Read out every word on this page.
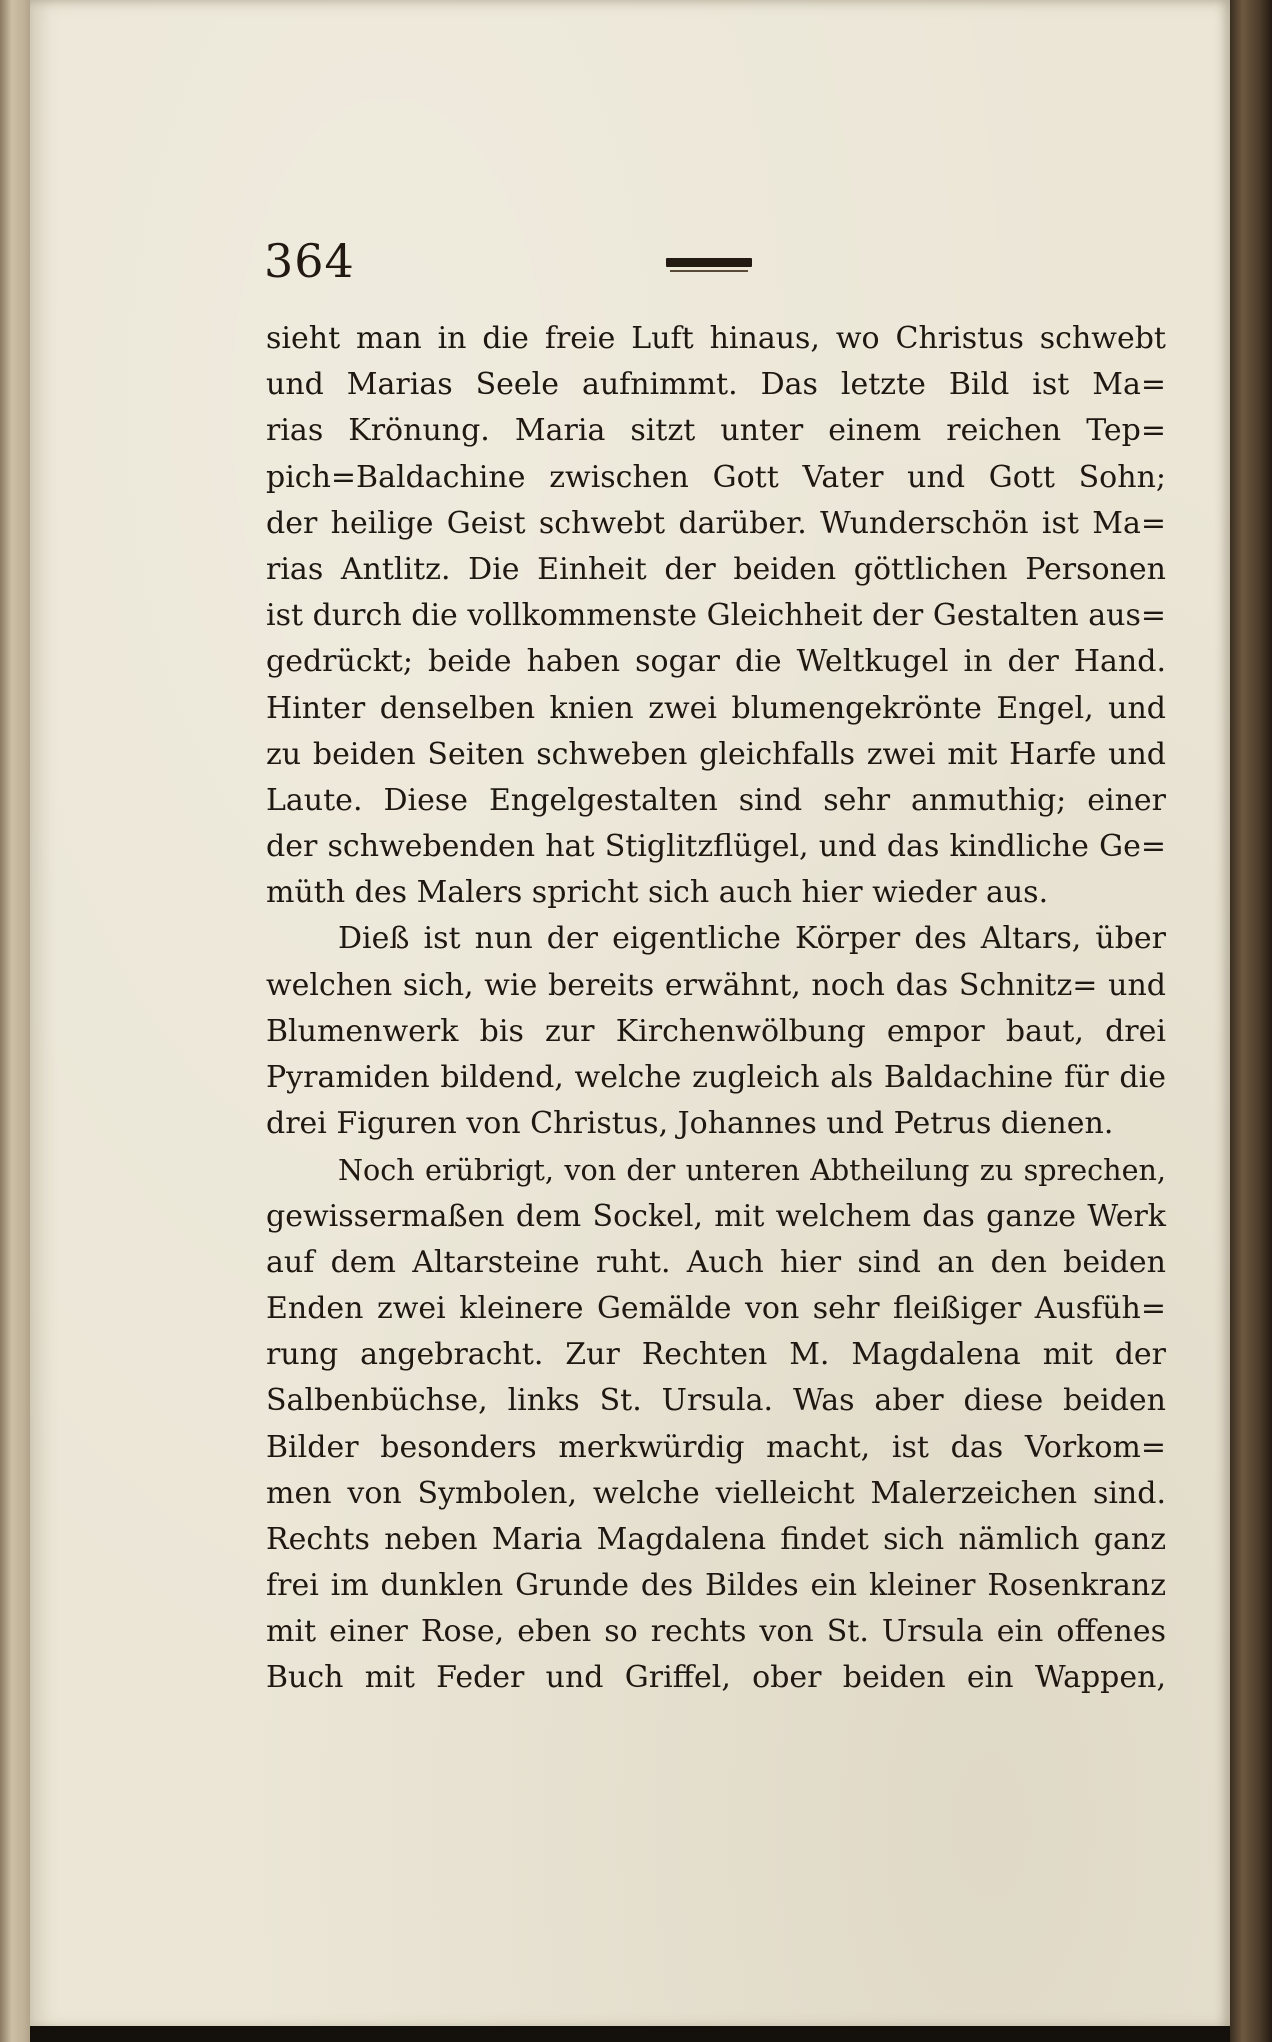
364
sieht man in die freie Luft hinaus, wo Christus schwebt
und Marias Seele aufnimmt. Das letzte Bild ist Ma=
rias Krönung. Maria sitzt unter einem reichen Tep=
pich=Baldachine zwischen Gott Vater und Gott Sohn;
der heilige Geist schwebt darüber. Wunderschön ist Ma=
rias Antlitz. Die Einheit der beiden göttlichen Personen
ist durch die vollkommenste Gleichheit der Gestalten aus=
gedrückt; beide haben sogar die Weltkugel in der Hand.
Hinter denselben knien zwei blumengekrönte Engel, und
zu beiden Seiten schweben gleichfalls zwei mit Harfe und
Laute. Diese Engelgestalten sind sehr anmuthig; einer
der schwebenden hat Stiglitzflügel, und das kindliche Ge=
müth des Malers spricht sich auch hier wieder aus.
Dieß ist nun der eigentliche Körper des Altars, über
welchen sich, wie bereits erwähnt, noch das Schnitz= und
Blumenwerk bis zur Kirchenwölbung empor baut, drei
Pyramiden bildend, welche zugleich als Baldachine für die
drei Figuren von Christus, Johannes und Petrus dienen.
Noch erübrigt, von der unteren Abtheilung zu sprechen,
gewissermaßen dem Sockel, mit welchem das ganze Werk
auf dem Altarsteine ruht. Auch hier sind an den beiden
Enden zwei kleinere Gemälde von sehr fleißiger Ausfüh=
rung angebracht. Zur Rechten M. Magdalena mit der
Salbenbüchse, links St. Ursula. Was aber diese beiden
Bilder besonders merkwürdig macht, ist das Vorkom=
men von Symbolen, welche vielleicht Malerzeichen sind.
Rechts neben Maria Magdalena findet sich nämlich ganz
frei im dunklen Grunde des Bildes ein kleiner Rosenkranz
mit einer Rose, eben so rechts von St. Ursula ein offenes
Buch mit Feder und Griffel, ober beiden ein Wappen,
